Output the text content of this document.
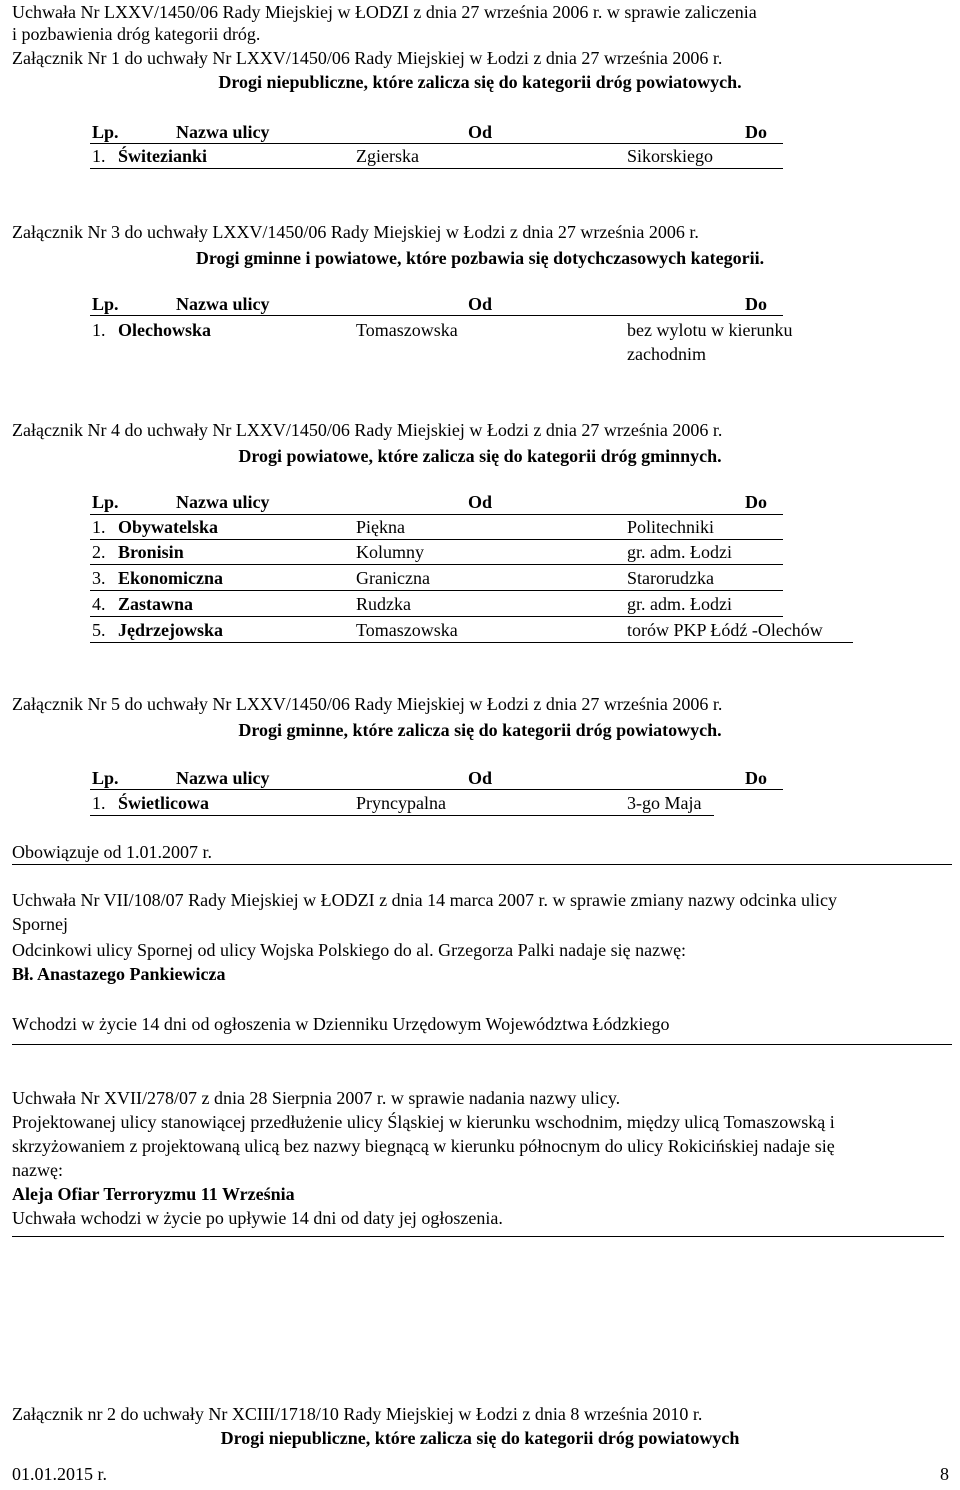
Uchwała Nr LXXV/1450/06 Rady Miejskiej w ŁODZI z dnia 27 września 2006 r. w sprawie zaliczenia
i pozbawienia dróg kategorii dróg.
Załącznik Nr 1 do uchwały Nr LXXV/1450/06 Rady Miejskiej w Łodzi z dnia 27 września 2006 r.
Drogi niepubliczne, które zalicza się do kategorii dróg powiatowych.
Lp.	Nazwa ulicy	Od	Do
1. Świtezianki	Zgierska	Sikorskiego
Załącznik Nr 3 do uchwały LXXV/1450/06 Rady Miejskiej w Łodzi z dnia 27 września 2006 r.
Drogi gminne i powiatowe, które pozbawia się dotychczasowych kategorii.
Lp.	Nazwa ulicy	Od	Do
1. Olechowska	Tomaszowska	bez wylotu w kierunku
zachodnim
Załącznik Nr 4 do uchwały Nr LXXV/1450/06 Rady Miejskiej w Łodzi z dnia 27 września 2006 r.
Drogi powiatowe, które zalicza się do kategorii dróg gminnych.
Lp.	Nazwa ulicy	Od	Do
1. Obywatelska	Piękna	Politechniki
2. Bronisin	Kolumny	gr. adm. Łodzi
3. Ekonomiczna	Graniczna	Starorudzka
4. Zastawna	Rudzka	gr. adm. Łodzi
5. Jędrzejowska	Tomaszowska	torów PKP Łódź -Olechów
Załącznik Nr 5 do uchwały Nr LXXV/1450/06 Rady Miejskiej w Łodzi z dnia 27 września 2006 r.
Drogi gminne, które zalicza się do kategorii dróg powiatowych.
Lp.	Nazwa ulicy	Od	Do
1. Świetlicowa	Pryncypalna	3-go Maja
Obowiązuje od 1.01.2007 r.
Uchwała Nr VII/108/07 Rady Miejskiej w ŁODZI z dnia 14 marca 2007 r. w sprawie zmiany nazwy odcinka ulicy
Spornej
Odcinkowi ulicy Spornej od ulicy Wojska Polskiego do al. Grzegorza Palki nadaje się nazwę:
Bł. Anastazego Pankiewicza
Wchodzi w życie 14 dni od ogłoszenia w Dzienniku Urzędowym Województwa Łódzkiego
Uchwała Nr XVII/278/07 z dnia 28 Sierpnia 2007 r. w sprawie nadania nazwy ulicy.
Projektowanej ulicy stanowiącej przedłużenie ulicy Śląskiej w kierunku wschodnim, między ulicą Tomaszowską i
skrzyżowaniem z projektowaną ulicą bez nazwy biegnącą w kierunku północnym do ulicy Rokicińskiej nadaje się
nazwę:
Aleja Ofiar Terroryzmu 11 Września
Uchwała wchodzi w życie po upływie 14 dni od daty jej ogłoszenia.
Załącznik nr 2 do uchwały Nr XCIII/1718/10 Rady Miejskiej w Łodzi z dnia 8 września 2010 r.
Drogi niepubliczne, które zalicza się do kategorii dróg powiatowych
01.01.2015 r.	8
